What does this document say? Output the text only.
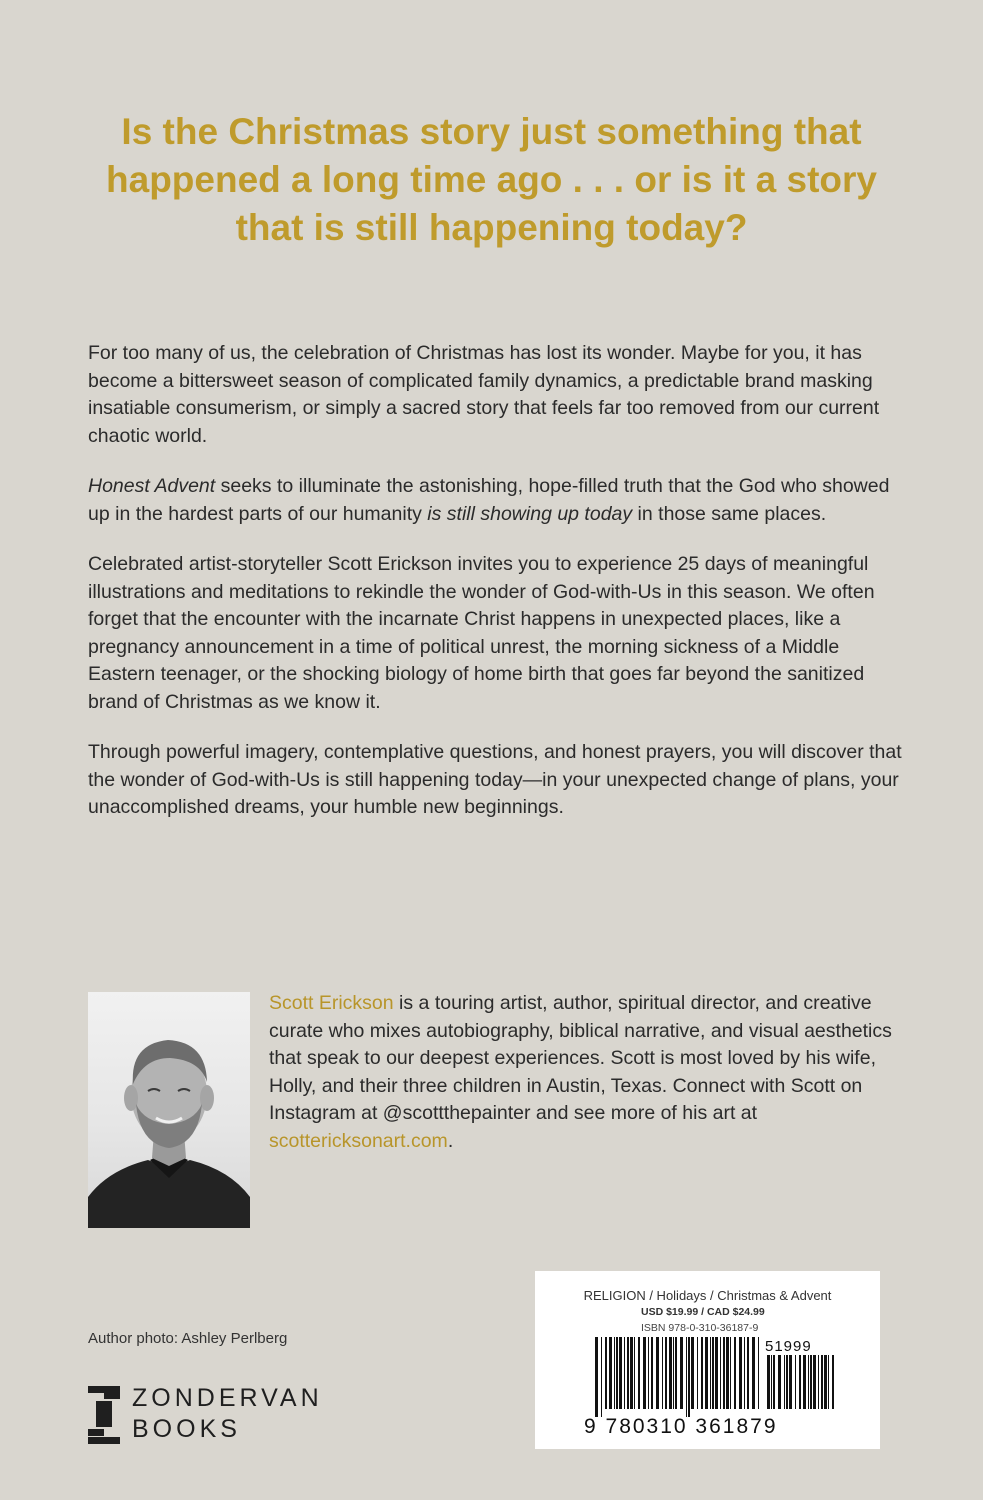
Is the Christmas story just something that happened a long time ago . . . or is it a story that is still happening today?

For too many of us, the celebration of Christmas has lost its wonder. Maybe for you, it has become a bittersweet season of complicated family dynamics, a predictable brand masking insatiable consumerism, or simply a sacred story that feels far too removed from our current chaotic world.

Honest Advent seeks to illuminate the astonishing, hope-filled truth that the God who showed up in the hardest parts of our humanity is still showing up today in those same places.

Celebrated artist-storyteller Scott Erickson invites you to experience 25 days of meaningful illustrations and meditations to rekindle the wonder of God-with-Us in this season. We often forget that the encounter with the incarnate Christ happens in unexpected places, like a pregnancy announcement in a time of political unrest, the morning sickness of a Middle Eastern teenager, or the shocking biology of home birth that goes far beyond the sanitized brand of Christmas as we know it.

Through powerful imagery, contemplative questions, and honest prayers, you will discover that the wonder of God-with-Us is still happening today—in your unexpected change of plans, your unaccomplished dreams, your humble new beginnings.

Scott Erickson is a touring artist, author, spiritual director, and creative curate who mixes autobiography, biblical narrative, and visual aesthetics that speak to our deepest experiences. Scott is most loved by his wife, Holly, and their three children in Austin, Texas. Connect with Scott on Instagram at @scottthepainter and see more of his art at scottericksonart.com.

Author photo: Ashley Perlberg
ZONDERVAN
BOOKS
RELIGION / Holidays / Christmas & Advent
USD $19.99 / CAD $24.99
ISBN 978-0-310-36187-9
51999
9 780310 361879
